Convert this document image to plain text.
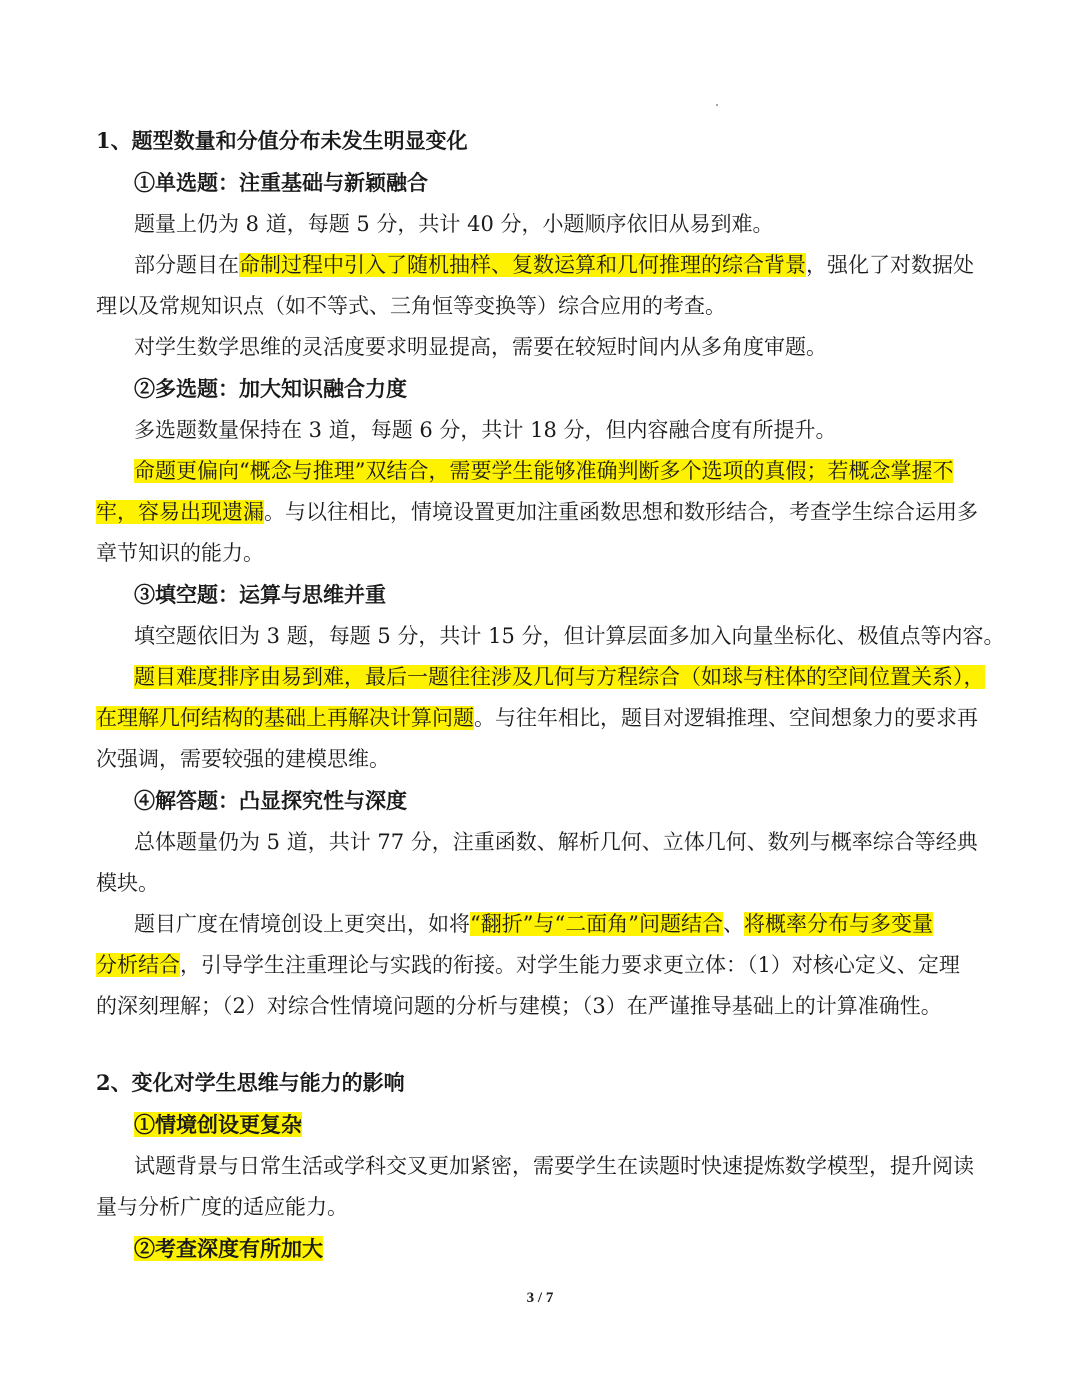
1、题型数量和分值分布未发生明显变化
①单选题：注重基础与新颖融合
题量上仍为 8 道，每题 5 分，共计 40 分，小题顺序依旧从易到难。
部分题目在命制过程中引入了随机抽样、复数运算和几何推理的综合背景，强化了对数据处
理以及常规知识点（如不等式、三角恒等变换等）综合应用的考查。
对学生数学思维的灵活度要求明显提高，需要在较短时间内从多角度审题。
②多选题：加大知识融合力度
多选题数量保持在 3 道，每题 6 分，共计 18 分，但内容融合度有所提升。
命题更偏向“概念与推理”双结合，需要学生能够准确判断多个选项的真假；若概念掌握不
牢，容易出现遗漏。与以往相比，情境设置更加注重函数思想和数形结合，考查学生综合运用多
章节知识的能力。
③填空题：运算与思维并重
填空题依旧为 3 题，每题 5 分，共计 15 分，但计算层面多加入向量坐标化、极值点等内容。
题目难度排序由易到难，最后一题往往涉及几何与方程综合（如球与柱体的空间位置关系），
在理解几何结构的基础上再解决计算问题。与往年相比，题目对逻辑推理、空间想象力的要求再
次强调，需要较强的建模思维。
④解答题：凸显探究性与深度
总体题量仍为 5 道，共计 77 分，注重函数、解析几何、立体几何、数列与概率综合等经典
模块。
题目广度在情境创设上更突出，如将“翻折”与“二面角”问题结合、将概率分布与多变量
分析结合，引导学生注重理论与实践的衔接。对学生能力要求更立体：（1）对核心定义、定理
的深刻理解；（2）对综合性情境问题的分析与建模；（3）在严谨推导基础上的计算准确性。
2、变化对学生思维与能力的影响
①情境创设更复杂
试题背景与日常生活或学科交叉更加紧密，需要学生在读题时快速提炼数学模型，提升阅读
量与分析广度的适应能力。
②考查深度有所加大
3 / 7
